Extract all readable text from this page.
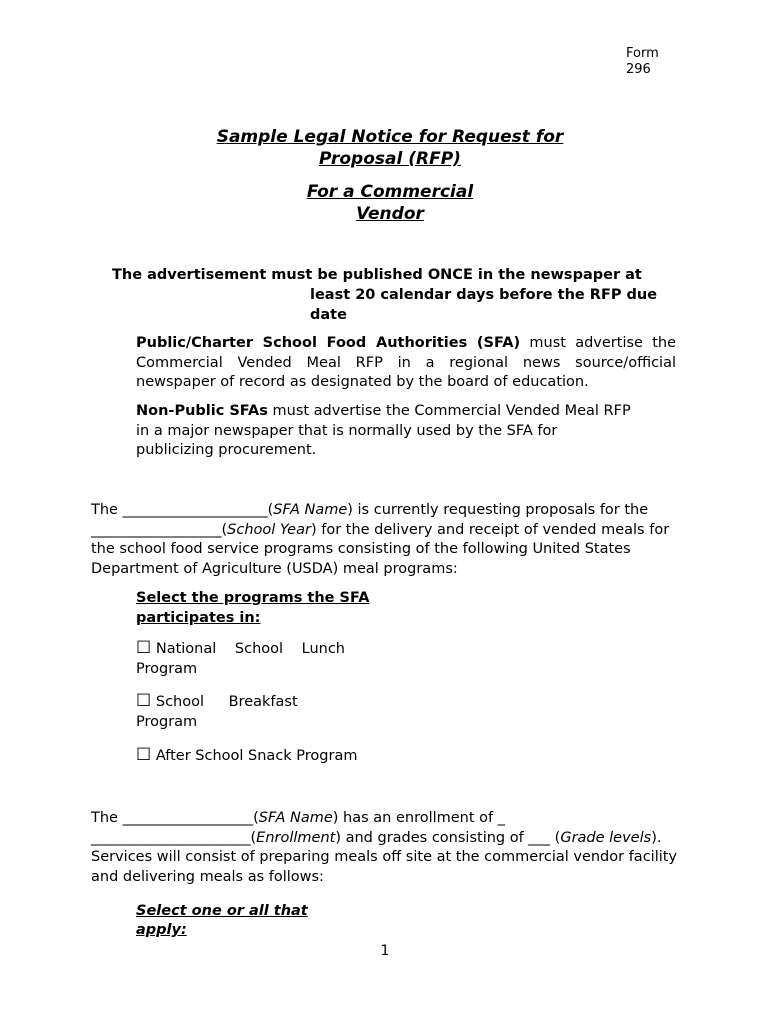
Form
296

Sample Legal Notice for Request for

Proposal (RFP)

For a Commercial

Vendor

The advertisement must be published ONCE in the newspaper at
least 20 calendar days before the RFP due date

Public/Charter School Food Authorities (SFA) must advertise the Commercial Vended Meal RFP in a regional news source/official newspaper of record as designated by the board of education.

Non-Public SFAs must advertise the Commercial Vended Meal RFP in a major newspaper that is normally used by the SFA for publicizing procurement.

The ____________________(SFA Name) is currently requesting proposals for the __________________(School Year) for the delivery and receipt of vended meals for the school food service programs consisting of the following United States Department of Agriculture (USDA) meal programs:

Select the programs the SFA participates in:
☐ National School Lunch Program
☐ School Breakfast Program
☐ After School Snack Program

The __________________(SFA Name) has an enrollment of _ ______________________(Enrollment) and grades consisting of ___ (Grade levels). Services will consist of preparing meals off site at the commercial vendor facility and delivering meals as follows:

Select one or all that apply:
1
